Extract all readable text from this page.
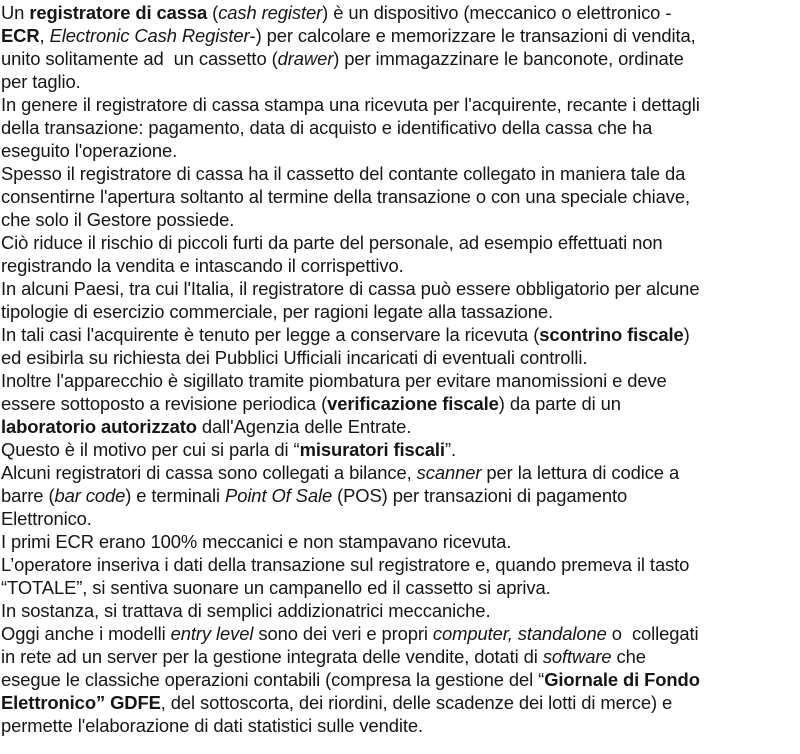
Un registratore di cassa (cash register) è un dispositivo (meccanico o elettronico -
ECR, Electronic Cash Register-) per calcolare e memorizzare le transazioni di vendita,
unito solitamente ad  un cassetto (drawer) per immagazzinare le banconote, ordinate
per taglio.
In genere il registratore di cassa stampa una ricevuta per l'acquirente, recante i dettagli
della transazione: pagamento, data di acquisto e identificativo della cassa che ha
eseguito l'operazione.
Spesso il registratore di cassa ha il cassetto del contante collegato in maniera tale da
consentirne l'apertura soltanto al termine della transazione o con una speciale chiave,
che solo il Gestore possiede.
Ciò riduce il rischio di piccoli furti da parte del personale, ad esempio effettuati non
registrando la vendita e intascando il corrispettivo.
In alcuni Paesi, tra cui l'Italia, il registratore di cassa può essere obbligatorio per alcune
tipologie di esercizio commerciale, per ragioni legate alla tassazione.
In tali casi l'acquirente è tenuto per legge a conservare la ricevuta (scontrino fiscale)
ed esibirla su richiesta dei Pubblici Ufficiali incaricati di eventuali controlli.
Inoltre l'apparecchio è sigillato tramite piombatura per evitare manomissioni e deve
essere sottoposto a revisione periodica (verificazione fiscale) da parte di un
laboratorio autorizzato dall'Agenzia delle Entrate.
Questo è il motivo per cui si parla di “misuratori fiscali”.
Alcuni registratori di cassa sono collegati a bilance, scanner per la lettura di codice a
barre (bar code) e terminali Point Of Sale (POS) per transazioni di pagamento
Elettronico.
I primi ECR erano 100% meccanici e non stampavano ricevuta.
L’operatore inseriva i dati della transazione sul registratore e, quando premeva il tasto
“TOTALE”, si sentiva suonare un campanello ed il cassetto si apriva.
In sostanza, si trattava di semplici addizionatrici meccaniche.
Oggi anche i modelli entry level sono dei veri e propri computer, standalone o  collegati
in rete ad un server per la gestione integrata delle vendite, dotati di software che
esegue le classiche operazioni contabili (compresa la gestione del “Giornale di Fondo
Elettronico” GDFE, del sottoscorta, dei riordini, delle scadenze dei lotti di merce) e
permette l'elaborazione di dati statistici sulle vendite.
